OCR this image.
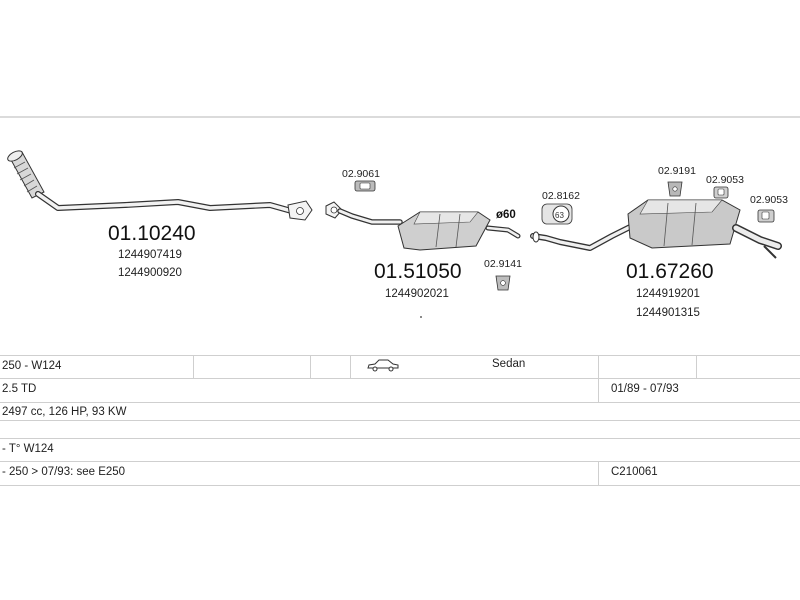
01.10240
1244907419
1244900920
ø60
01.51050
1244902021
02.9061
02.9141	01.67260
1244919201
1244901315
02.8162
63
02.9191
02.9053
02.9053
250 - W124	Sedan
2.5 TD	01/89 - 07/93
2497 cc, 126 HP, 93 KW
- T° W124
- 250 > 07/93: see E250	C210061
